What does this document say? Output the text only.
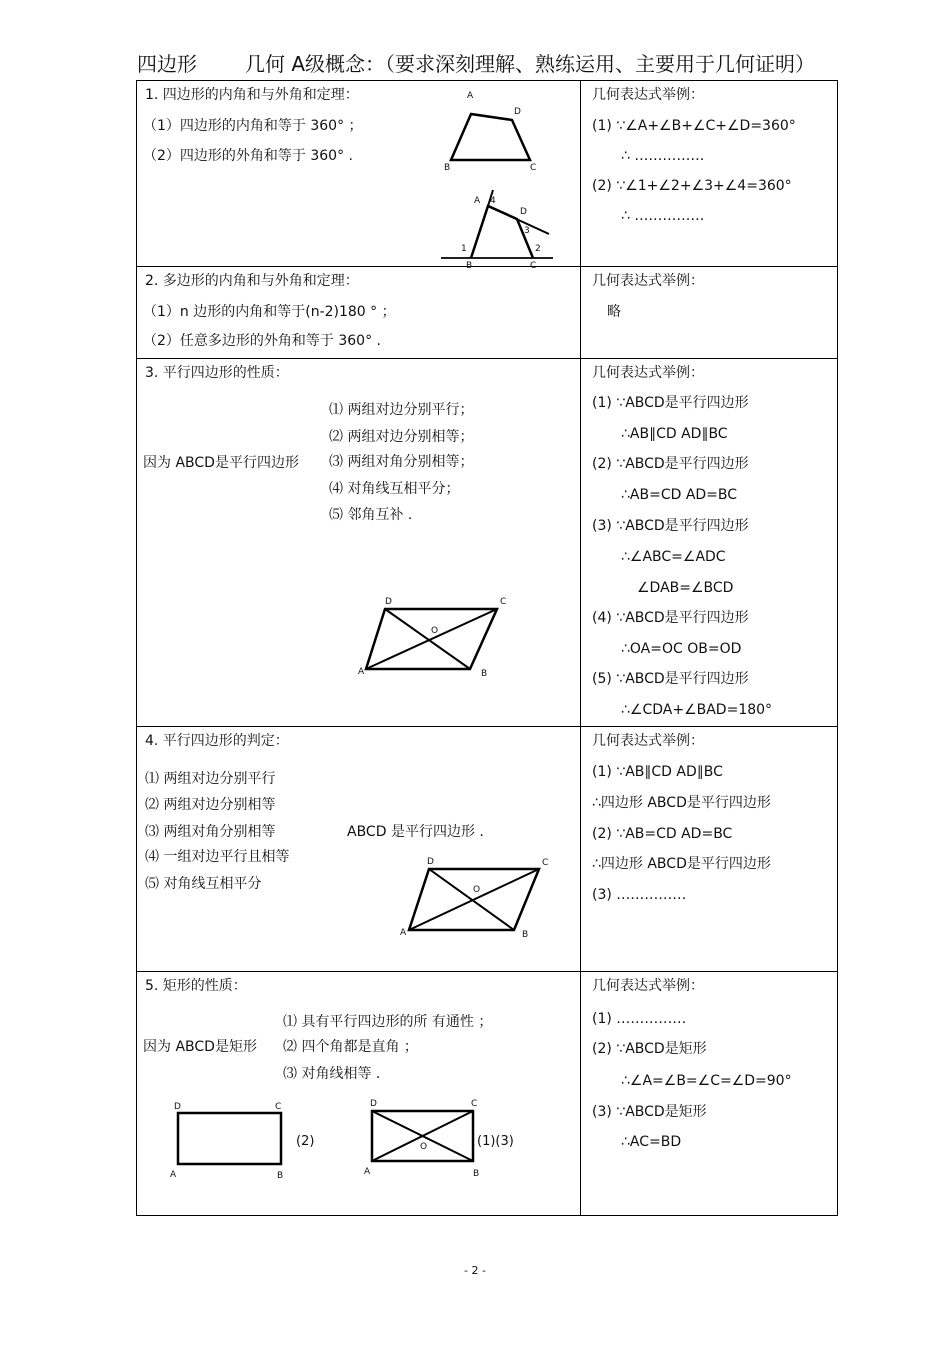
四边形 几何 A级概念：（要求深刻理解、熟练运用、主要用于几何证明）
1. 四边形的内角和与外角和定理：
（1）四边形的内角和等于 360° ；
（2）四边形的外角和等于 360° .
A
D
B	C
A 4
D
3
1	2
B	C
几何表达式举例：
(1) ∵∠A+∠B+∠C+∠D=360°
∴ ……………
(2) ∵∠1+∠2+∠3+∠4=360°
∴ ……………
2. 多边形的内角和与外角和定理：
（1）n 边形的内角和等于(n-2)180 ° ；
（2）任意多边形的外角和等于 360° .
几何表达式举例：
略
3. 平行四边形的性质：
因为 ABCD是平行四边形
⑴ 两组对边分别平行；
⑵ 两组对边分别相等；
⑶ 两组对角分别相等；
⑷ 对角线互相平分；
⑸ 邻角互补 .
D	C
O
A	B
几何表达式举例：
(1) ∵ABCD是平行四边形
∴AB∥CD AD∥BC
(2) ∵ABCD是平行四边形
∴AB=CD AD=BC
(3) ∵ABCD是平行四边形
∴∠ABC=∠ADC
∠DAB=∠BCD
(4) ∵ABCD是平行四边形
∴OA=OC OB=OD
(5) ∵ABCD是平行四边形
∴∠CDA+∠BAD=180°
4. 平行四边形的判定：
⑴ 两组对边分别平行
⑵ 两组对边分别相等
⑶ 两组对角分别相等
⑷ 一组对边平行且相等
⑸ 对角线互相平分
ABCD 是平行四边形 .
D	C
O
A	B
几何表达式举例：
(1) ∵AB∥CD AD∥BC
∴四边形 ABCD是平行四边形
(2) ∵AB=CD AD=BC
∴四边形 ABCD是平行四边形
(3) ……………
5. 矩形的性质：
因为 ABCD是矩形
⑴ 具有平行四边形的所 有通性 ；
⑵ 四个角都是直角 ；
⑶ 对角线相等 .
D	C
A	B
(2)
D	C
O
A	B
(1)(3)
几何表达式举例：
(1) ……………
(2) ∵ABCD是矩形
∴∠A=∠B=∠C=∠D=90°
(3) ∵ABCD是矩形
∴AC=BD
- 2 -
